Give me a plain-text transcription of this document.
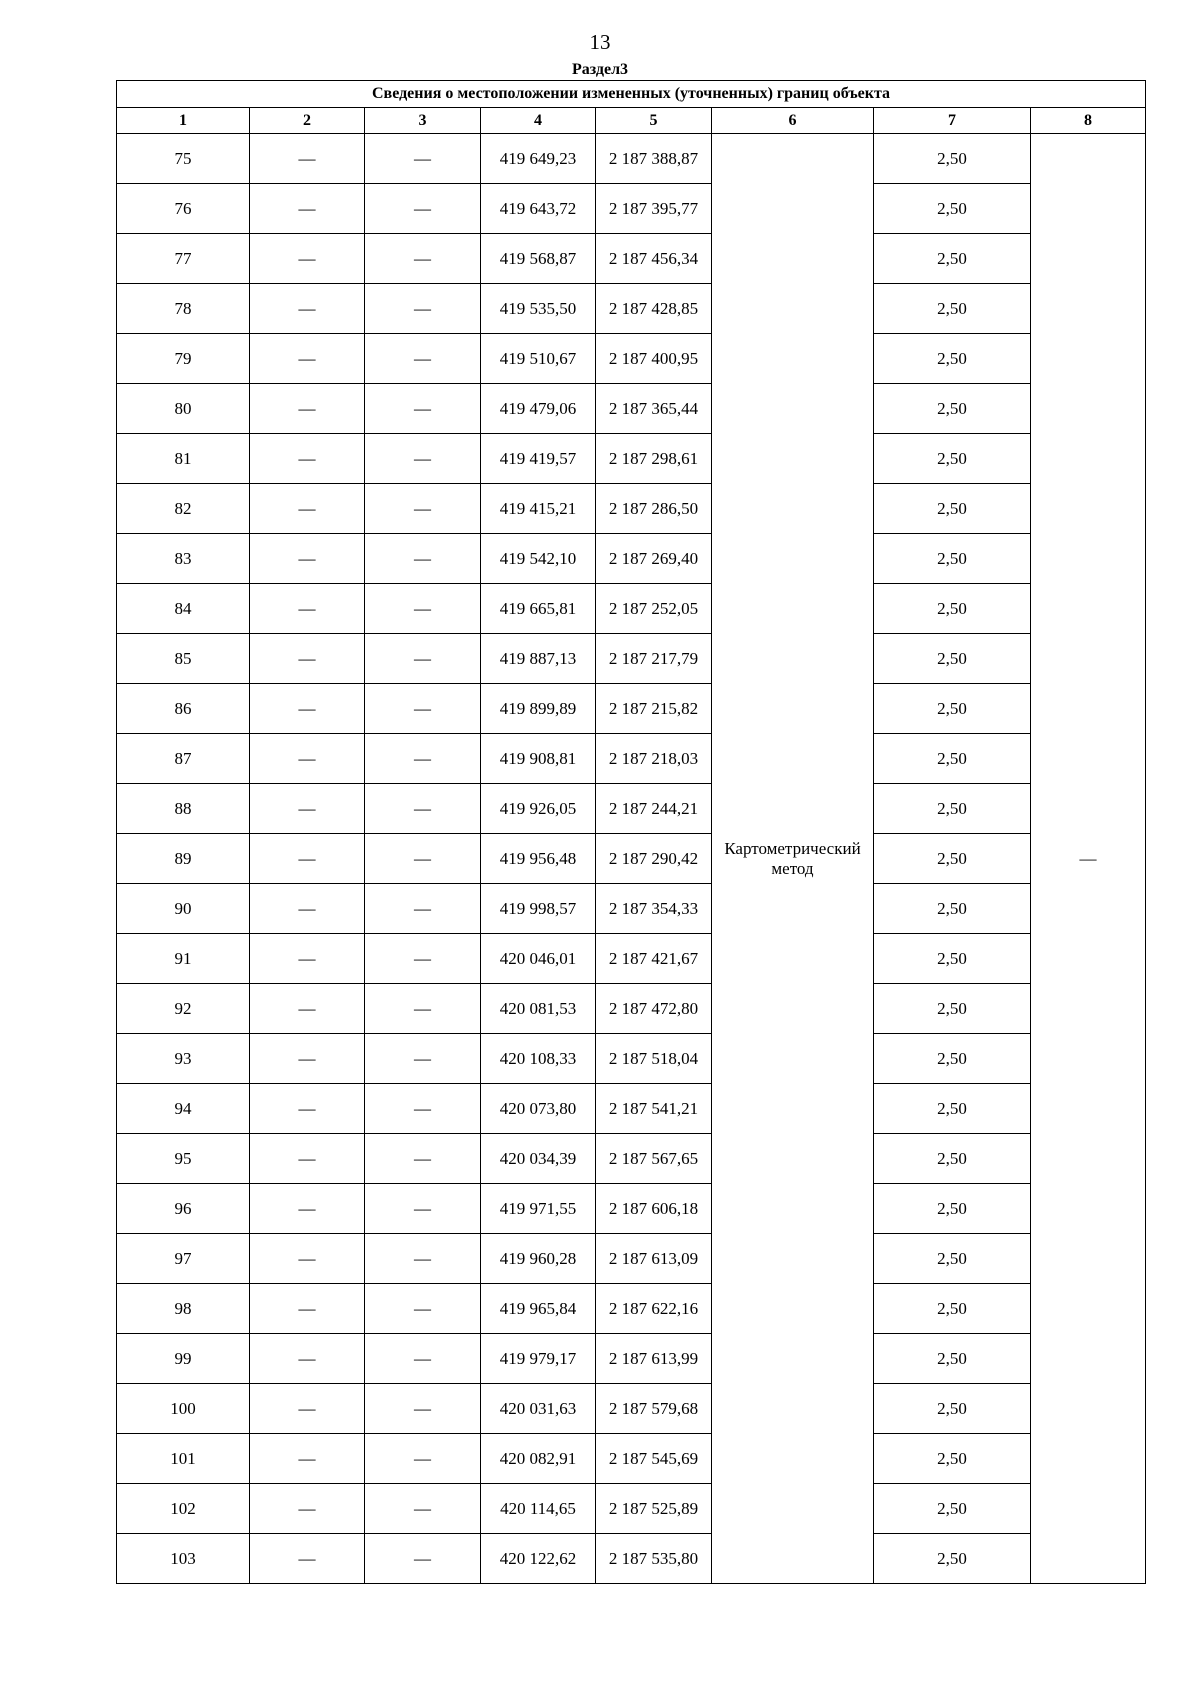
13
Раздел3
Сведения о местоположении измененных (уточненных) границ объекта							
1	2	3	4	5	6	7	8
75	—	—	419 649,23	2 187 388,87	Картометрический метод	2,50	—
76	—	—	419 643,72	2 187 395,77		2,50	
77	—	—	419 568,87	2 187 456,34		2,50	
78	—	—	419 535,50	2 187 428,85		2,50	
79	—	—	419 510,67	2 187 400,95		2,50	
80	—	—	419 479,06	2 187 365,44		2,50	
81	—	—	419 419,57	2 187 298,61		2,50	
82	—	—	419 415,21	2 187 286,50		2,50	
83	—	—	419 542,10	2 187 269,40		2,50	
84	—	—	419 665,81	2 187 252,05		2,50	
85	—	—	419 887,13	2 187 217,79		2,50	
86	—	—	419 899,89	2 187 215,82		2,50	
87	—	—	419 908,81	2 187 218,03		2,50	
88	—	—	419 926,05	2 187 244,21		2,50	
89	—	—	419 956,48	2 187 290,42		2,50	
90	—	—	419 998,57	2 187 354,33		2,50	
91	—	—	420 046,01	2 187 421,67		2,50	
92	—	—	420 081,53	2 187 472,80		2,50	
93	—	—	420 108,33	2 187 518,04		2,50	
94	—	—	420 073,80	2 187 541,21		2,50	
95	—	—	420 034,39	2 187 567,65		2,50	
96	—	—	419 971,55	2 187 606,18		2,50	
97	—	—	419 960,28	2 187 613,09		2,50	
98	—	—	419 965,84	2 187 622,16		2,50	
99	—	—	419 979,17	2 187 613,99		2,50	
100	—	—	420 031,63	2 187 579,68		2,50	
101	—	—	420 082,91	2 187 545,69		2,50	
102	—	—	420 114,65	2 187 525,89		2,50	
103	—	—	420 122,62	2 187 535,80		2,50	
